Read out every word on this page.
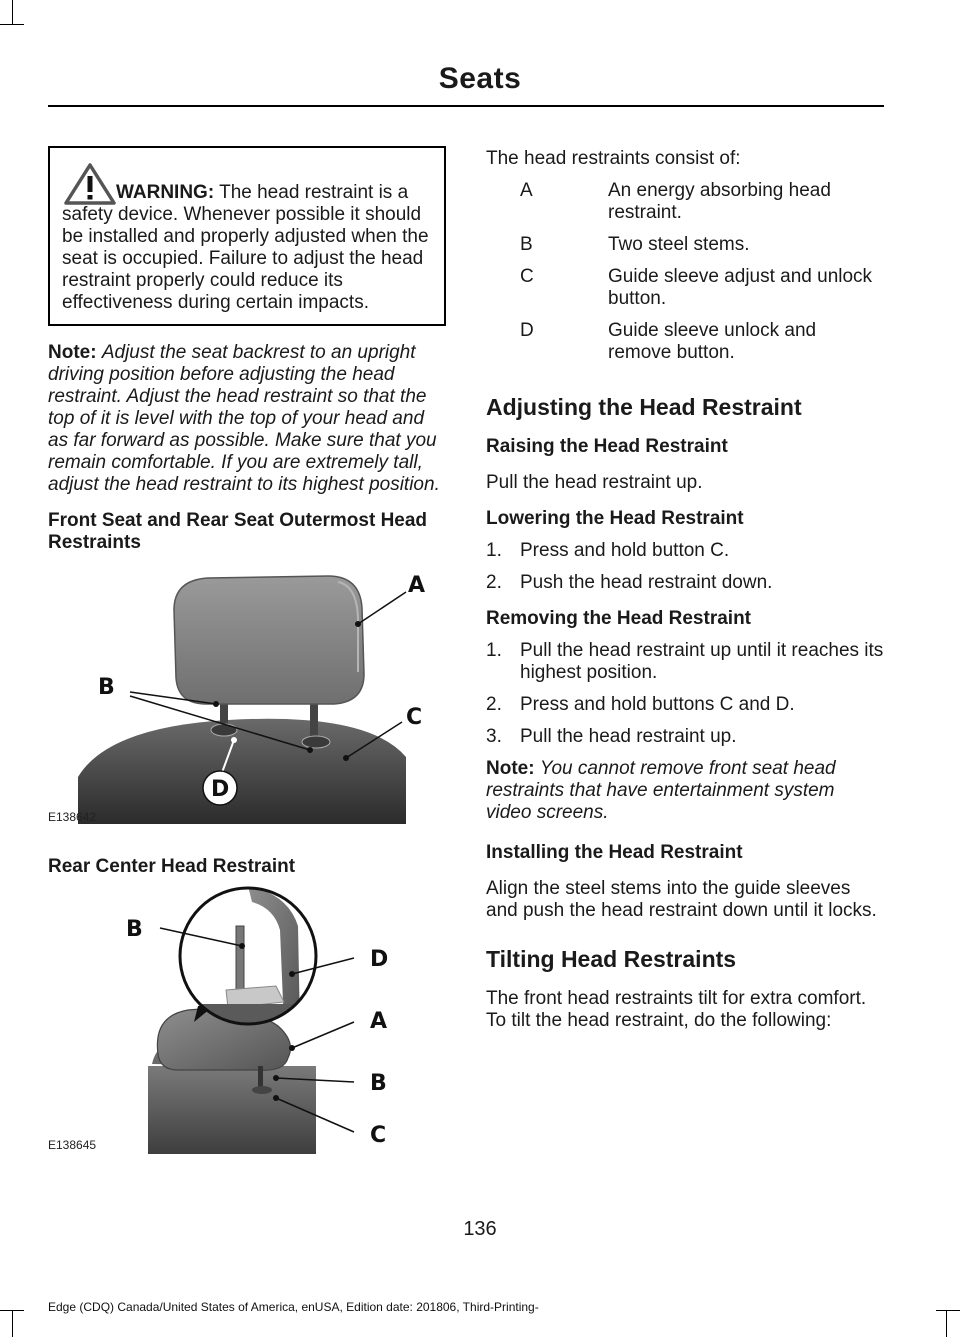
Seats

WARNING: The head restraint is a safety device. Whenever possible it should be installed and properly adjusted when the seat is occupied. Failure to adjust the head restraint properly could reduce its effectiveness during certain impacts.

Note: Adjust the seat backrest to an upright driving position before adjusting the head restraint. Adjust the head restraint so that the top of it is level with the top of your head and as far forward as possible. Make sure that you remain comfortable. If you are extremely tall, adjust the head restraint to its highest position.

Front Seat and Rear Seat Outermost Head Restraints

A
B
C
D
E138642

Rear Center Head Restraint

B
D
A
B
C
E138645

The head restraints consist of:

A	An energy absorbing head restraint.
B	Two steel stems.
C	Guide sleeve adjust and unlock button.
D	Guide sleeve unlock and remove button.
Adjusting the Head Restraint

Raising the Head Restraint

Pull the head restraint up.

Lowering the Head Restraint

1. Press and hold button C.
2. Push the head restraint down.

Removing the Head Restraint

1. Pull the head restraint up until it reaches its highest position.
2. Press and hold buttons C and D.
3. Pull the head restraint up.

Note: You cannot remove front seat head restraints that have entertainment system video screens.

Installing the Head Restraint

Align the steel stems into the guide sleeves and push the head restraint down until it locks.

Tilting Head Restraints

The front head restraints tilt for extra comfort. To tilt the head restraint, do the following:

136
Edge (CDQ) Canada/United States of America, enUSA, Edition date: 201806, Third-Printing-
